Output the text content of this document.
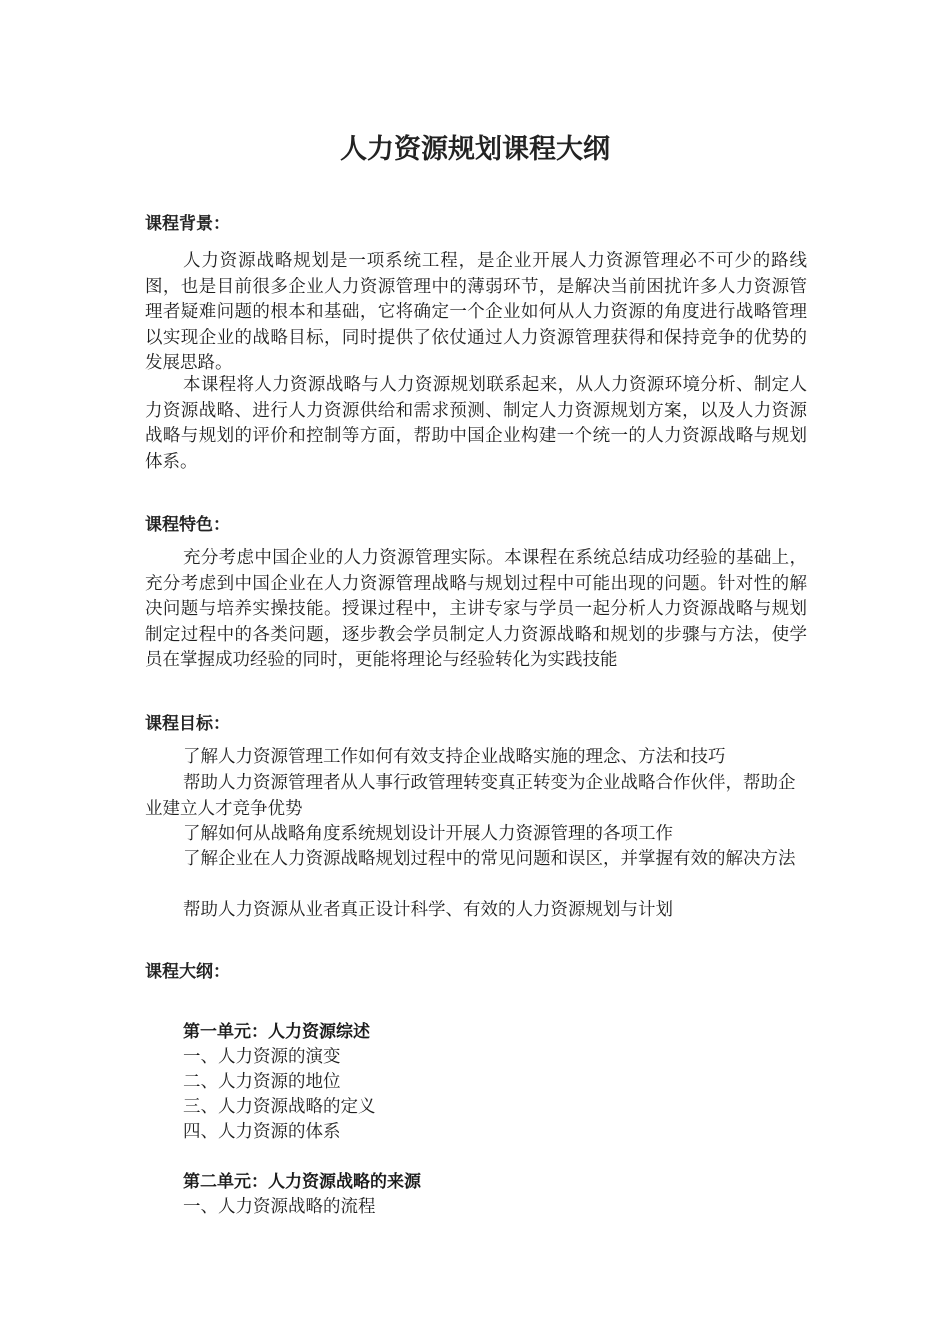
人力资源规划课程大纲
课程背景：

人力资源战略规划是一项系统工程，是企业开展人力资源管理必不可少的路线图，也是目前很多企业人力资源管理中的薄弱环节，是解决当前困扰许多人力资源管理者疑难问题的根本和基础，它将确定一个企业如何从人力资源的角度进行战略管理以实现企业的战略目标，同时提供了依仗通过人力资源管理获得和保持竞争的优势的发展思路。

本课程将人力资源战略与人力资源规划联系起来，从人力资源环境分析、制定人力资源战略、进行人力资源供给和需求预测、制定人力资源规划方案，以及人力资源战略与规划的评价和控制等方面，帮助中国企业构建一个统一的人力资源战略与规划体系。

课程特色：

充分考虑中国企业的人力资源管理实际。本课程在系统总结成功经验的基础上，充分考虑到中国企业在人力资源管理战略与规划过程中可能出现的问题。针对性的解决问题与培养实操技能。授课过程中，主讲专家与学员一起分析人力资源战略与规划制定过程中的各类问题，逐步教会学员制定人力资源战略和规划的步骤与方法，使学员在掌握成功经验的同时，更能将理论与经验转化为实践技能

课程目标：

了解人力资源管理工作如何有效支持企业战略实施的理念、方法和技巧

帮助人力资源管理者从人事行政管理转变真正转变为企业战略合作伙伴，帮助企业建立人才竞争优势

了解如何从战略角度系统规划设计开展人力资源管理的各项工作

了解企业在人力资源战略规划过程中的常见问题和误区，并掌握有效的解决方法

帮助人力资源从业者真正设计科学、有效的人力资源规划与计划

课程大纲：
第一单元：人力资源综述
一、人力资源的演变
二、人力资源的地位
三、人力资源战略的定义
四、人力资源的体系
第二单元：人力资源战略的来源
一、人力资源战略的流程
